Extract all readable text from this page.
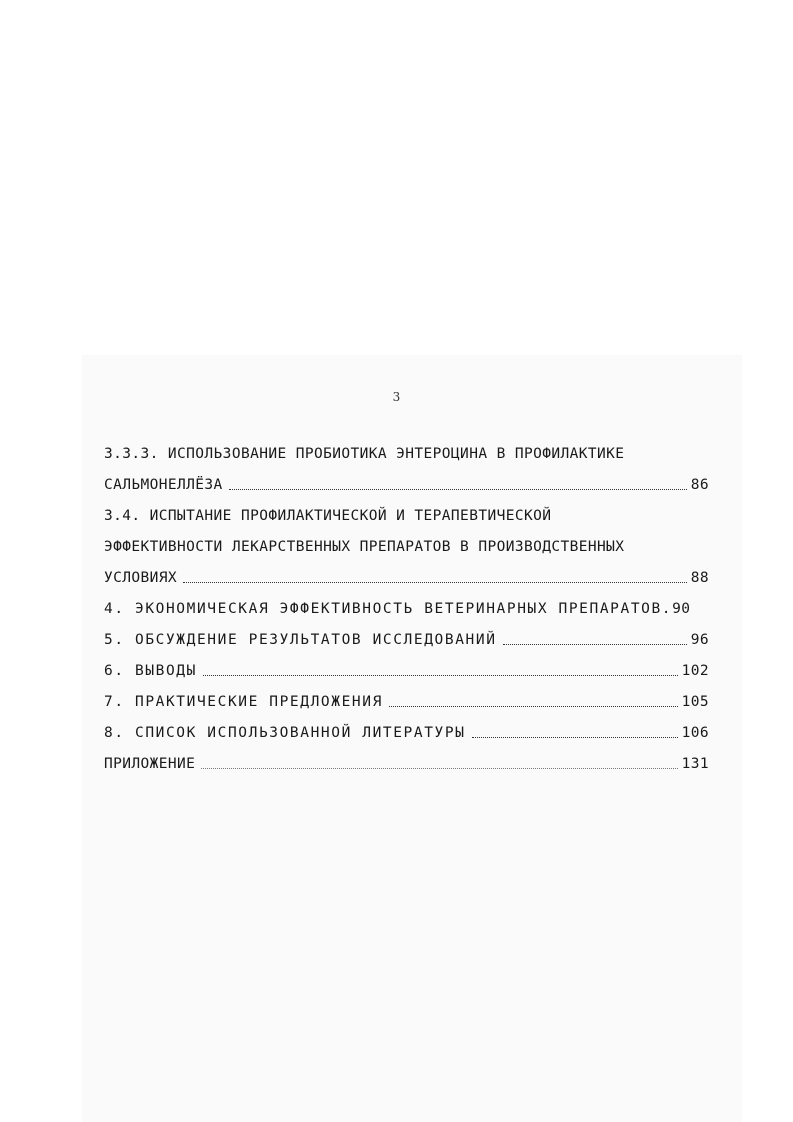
3
3.3.3. ИСПОЛЬЗОВАНИЕ ПРОБИОТИКА ЭНТЕРОЦИНА В ПРОФИЛАКТИКЕ
САЛЬМОНЕЛЛЁЗА	86
3.4. ИСПЫТАНИЕ ПРОФИЛАКТИЧЕСКОЙ И ТЕРАПЕВТИЧЕСКОЙ
ЭФФЕКТИВНОСТИ ЛЕКАРСТВЕННЫХ ПРЕПАРАТОВ В ПРОИЗВОДСТВЕННЫХ
УСЛОВИЯХ	88
4. ЭКОНОМИЧЕСКАЯ ЭФФЕКТИВНОСТЬ ВЕТЕРИНАРНЫХ ПРЕПАРАТОВ. 90
5. ОБСУЖДЕНИЕ РЕЗУЛЬТАТОВ ИССЛЕДОВАНИЙ	96
6. ВЫВОДЫ	102
7. ПРАКТИЧЕСКИЕ ПРЕДЛОЖЕНИЯ	105
8. СПИСОК ИСПОЛЬЗОВАННОЙ ЛИТЕРАТУРЫ	106
ПРИЛОЖЕНИЕ	131
